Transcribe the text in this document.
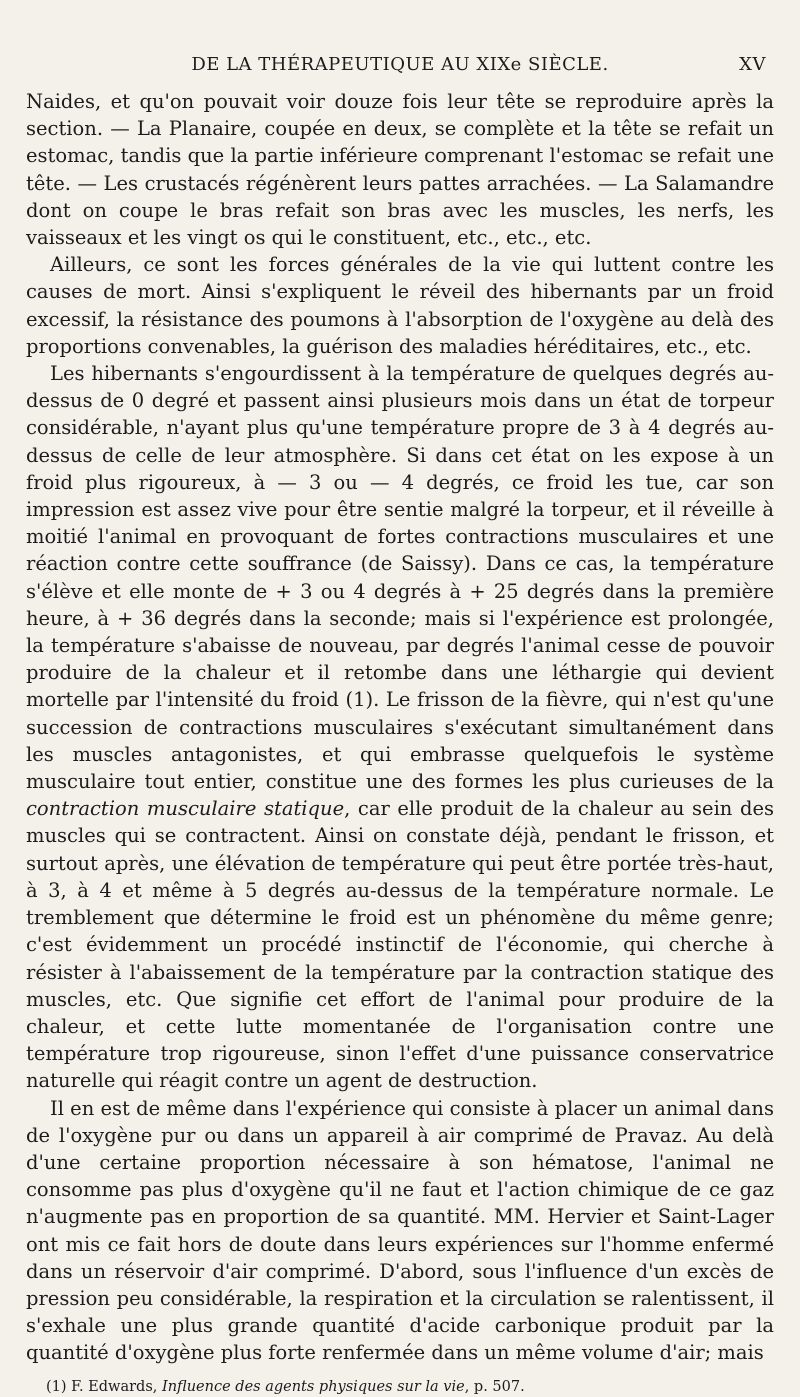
DE LA THÉRAPEUTIQUE AU XIXe SIÈCLE.	XV

Naides, et qu'on pouvait voir douze fois leur tête se reproduire après la section. — La Planaire, coupée en deux, se complète et la tête se refait un estomac, tandis que la partie inférieure comprenant l'estomac se refait une tête. — Les crustacés régénèrent leurs pattes arrachées. — La Salamandre dont on coupe le bras refait son bras avec les muscles, les nerfs, les vaisseaux et les vingt os qui le constituent, etc., etc., etc.

Ailleurs, ce sont les forces générales de la vie qui luttent contre les causes de mort. Ainsi s'expliquent le réveil des hibernants par un froid excessif, la résistance des poumons à l'absorption de l'oxygène au delà des proportions convenables, la guérison des maladies héréditaires, etc., etc.

Les hibernants s'engourdissent à la température de quelques degrés au-dessus de 0 degré et passent ainsi plusieurs mois dans un état de torpeur considérable, n'ayant plus qu'une température propre de 3 à 4 degrés au-dessus de celle de leur atmosphère. Si dans cet état on les expose à un froid plus rigoureux, à — 3 ou — 4 degrés, ce froid les tue, car son impression est assez vive pour être sentie malgré la torpeur, et il réveille à moitié l'animal en provoquant de fortes contractions musculaires et une réaction contre cette souffrance (de Saissy). Dans ce cas, la température s'élève et elle monte de + 3 ou 4 degrés à + 25 degrés dans la première heure, à + 36 degrés dans la seconde; mais si l'expérience est prolongée, la température s'abaisse de nouveau, par degrés l'animal cesse de pouvoir produire de la chaleur et il retombe dans une léthargie qui devient mortelle par l'intensité du froid (1). Le frisson de la fièvre, qui n'est qu'une succession de contractions musculaires s'exécutant simultanément dans les muscles antagonistes, et qui embrasse quelquefois le système musculaire tout entier, constitue une des formes les plus curieuses de la contraction musculaire statique, car elle produit de la chaleur au sein des muscles qui se contractent. Ainsi on constate déjà, pendant le frisson, et surtout après, une élévation de température qui peut être portée très-haut, à 3, à 4 et même à 5 degrés au-dessus de la température normale. Le tremblement que détermine le froid est un phénomène du même genre; c'est évidemment un procédé instinctif de l'économie, qui cherche à résister à l'abaissement de la température par la contraction statique des muscles, etc. Que signifie cet effort de l'animal pour produire de la chaleur, et cette lutte momentanée de l'organisation contre une température trop rigoureuse, sinon l'effet d'une puissance conservatrice naturelle qui réagit contre un agent de destruction.

Il en est de même dans l'expérience qui consiste à placer un animal dans de l'oxygène pur ou dans un appareil à air comprimé de Pravaz. Au delà d'une certaine proportion nécessaire à son hématose, l'animal ne consomme pas plus d'oxygène qu'il ne faut et l'action chimique de ce gaz n'augmente pas en proportion de sa quantité. MM. Hervier et Saint-Lager ont mis ce fait hors de doute dans leurs expériences sur l'homme enfermé dans un réservoir d'air comprimé. D'abord, sous l'influence d'un excès de pression peu considérable, la respiration et la circulation se ralentissent, il s'exhale une plus grande quantité d'acide carbonique produit par la quantité d'oxygène plus forte renfermée dans un même volume d'air; mais

(1) F. Edwards, Influence des agents physiques sur la vie, p. 507.
